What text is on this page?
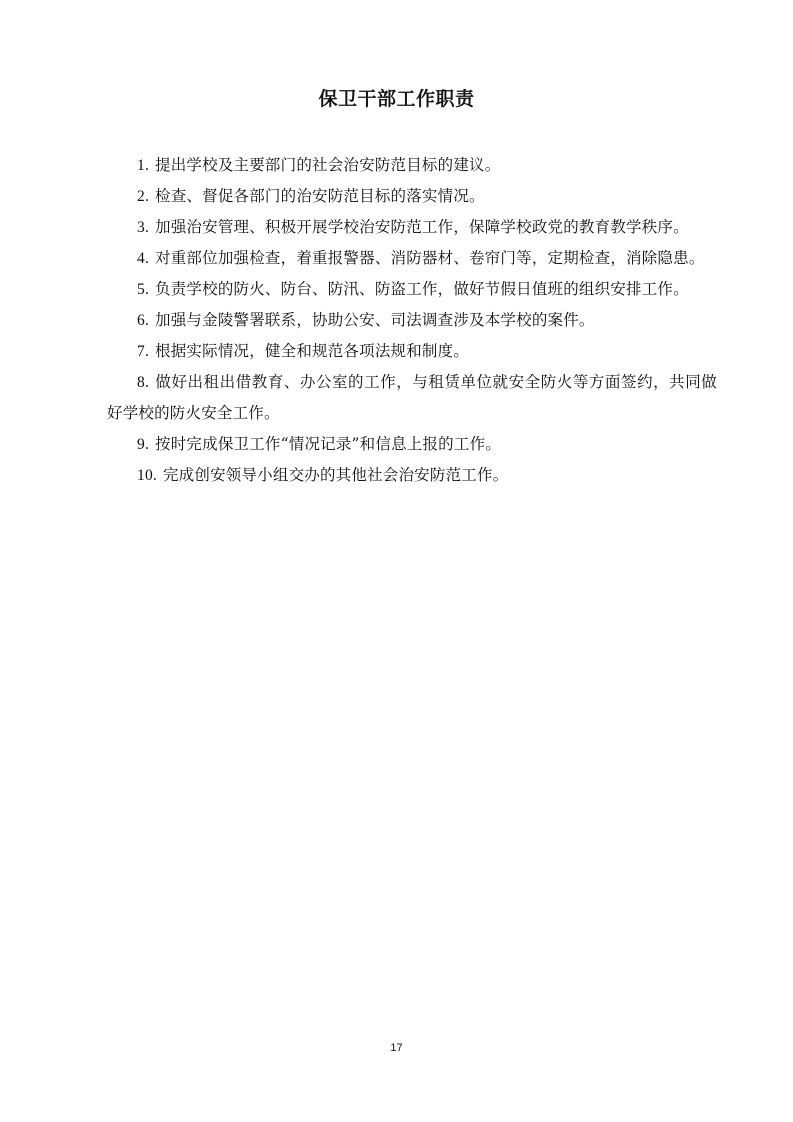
保卫干部工作职责
1. 提出学校及主要部门的社会治安防范目标的建议。
2. 检查、督促各部门的治安防范目标的落实情况。
3. 加强治安管理、积极开展学校治安防范工作，保障学校政党的教育教学秩序。
4. 对重部位加强检查，着重报警器、消防器材、卷帘门等，定期检查，消除隐患。
5. 负责学校的防火、防台、防汛、防盗工作，做好节假日值班的组织安排工作。
6. 加强与金陵警署联系，协助公安、司法调查涉及本学校的案件。
7. 根据实际情况，健全和规范各项法规和制度。
8. 做好出租出借教育、办公室的工作，与租赁单位就安全防火等方面签约，共同做好学校的防火安全工作。
9. 按时完成保卫工作“情况记录”和信息上报的工作。
10. 完成创安领导小组交办的其他社会治安防范工作。
17
